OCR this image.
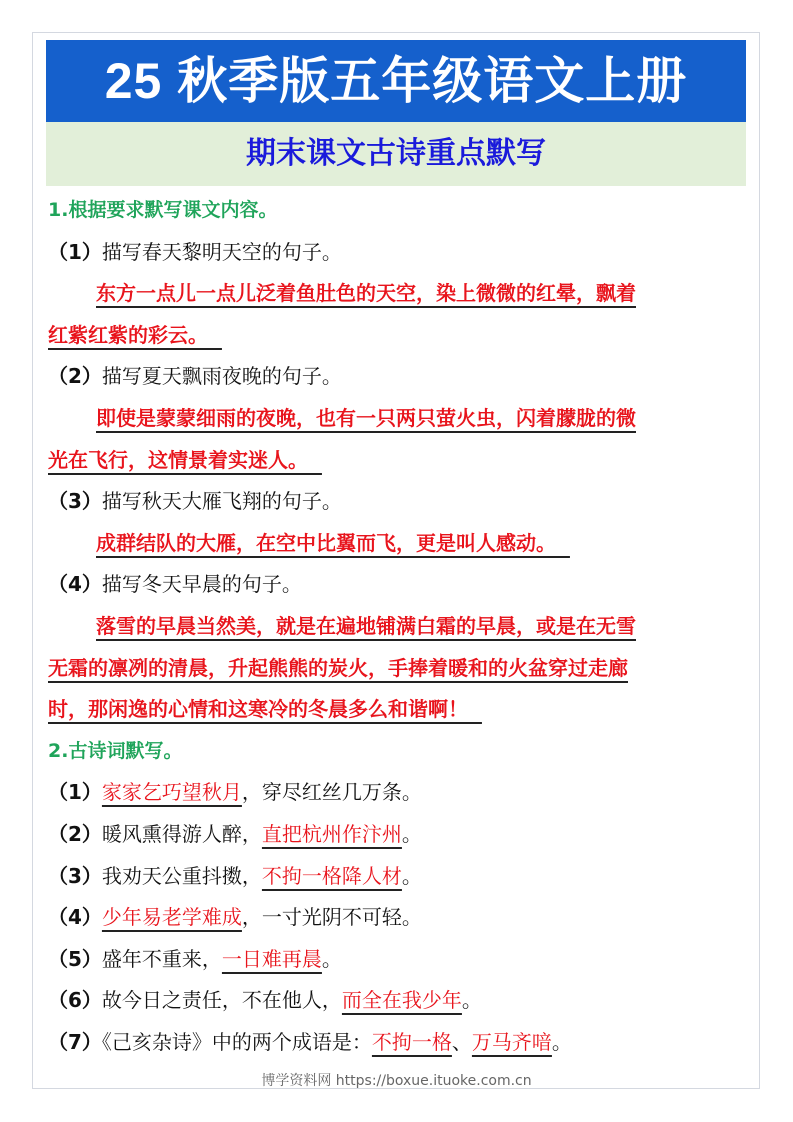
25 秋季版五年级语文上册
期末课文古诗重点默写
1.根据要求默写课文内容。
（1）描写春天黎明天空的句子。
东方一点儿一点儿泛着鱼肚色的天空，染上微微的红晕，飘着
红紫红紫的彩云。
（2）描写夏天飘雨夜晚的句子。
即使是蒙蒙细雨的夜晚，也有一只两只萤火虫，闪着朦胧的微
光在飞行，这情景着实迷人。
（3）描写秋天大雁飞翔的句子。
成群结队的大雁，在空中比翼而飞，更是叫人感动。
（4）描写冬天早晨的句子。
落雪的早晨当然美，就是在遍地铺满白霜的早晨，或是在无雪
无霜的凛冽的清晨，升起熊熊的炭火，手捧着暖和的火盆穿过走廊
时，那闲逸的心情和这寒冷的冬晨多么和谐啊！
2.古诗词默写。
（1）家家乞巧望秋月，穿尽红丝几万条。
（2）暖风熏得游人醉，直把杭州作汴州。
（3）我劝天公重抖擞，不拘一格降人材。
（4）少年易老学难成，一寸光阴不可轻。
（5）盛年不重来，一日难再晨。
（6）故今日之责任，不在他人，而全在我少年。
（7）《己亥杂诗》中的两个成语是：不拘一格、万马齐喑。
博学资料网 https://boxue.ituoke.com.cn
